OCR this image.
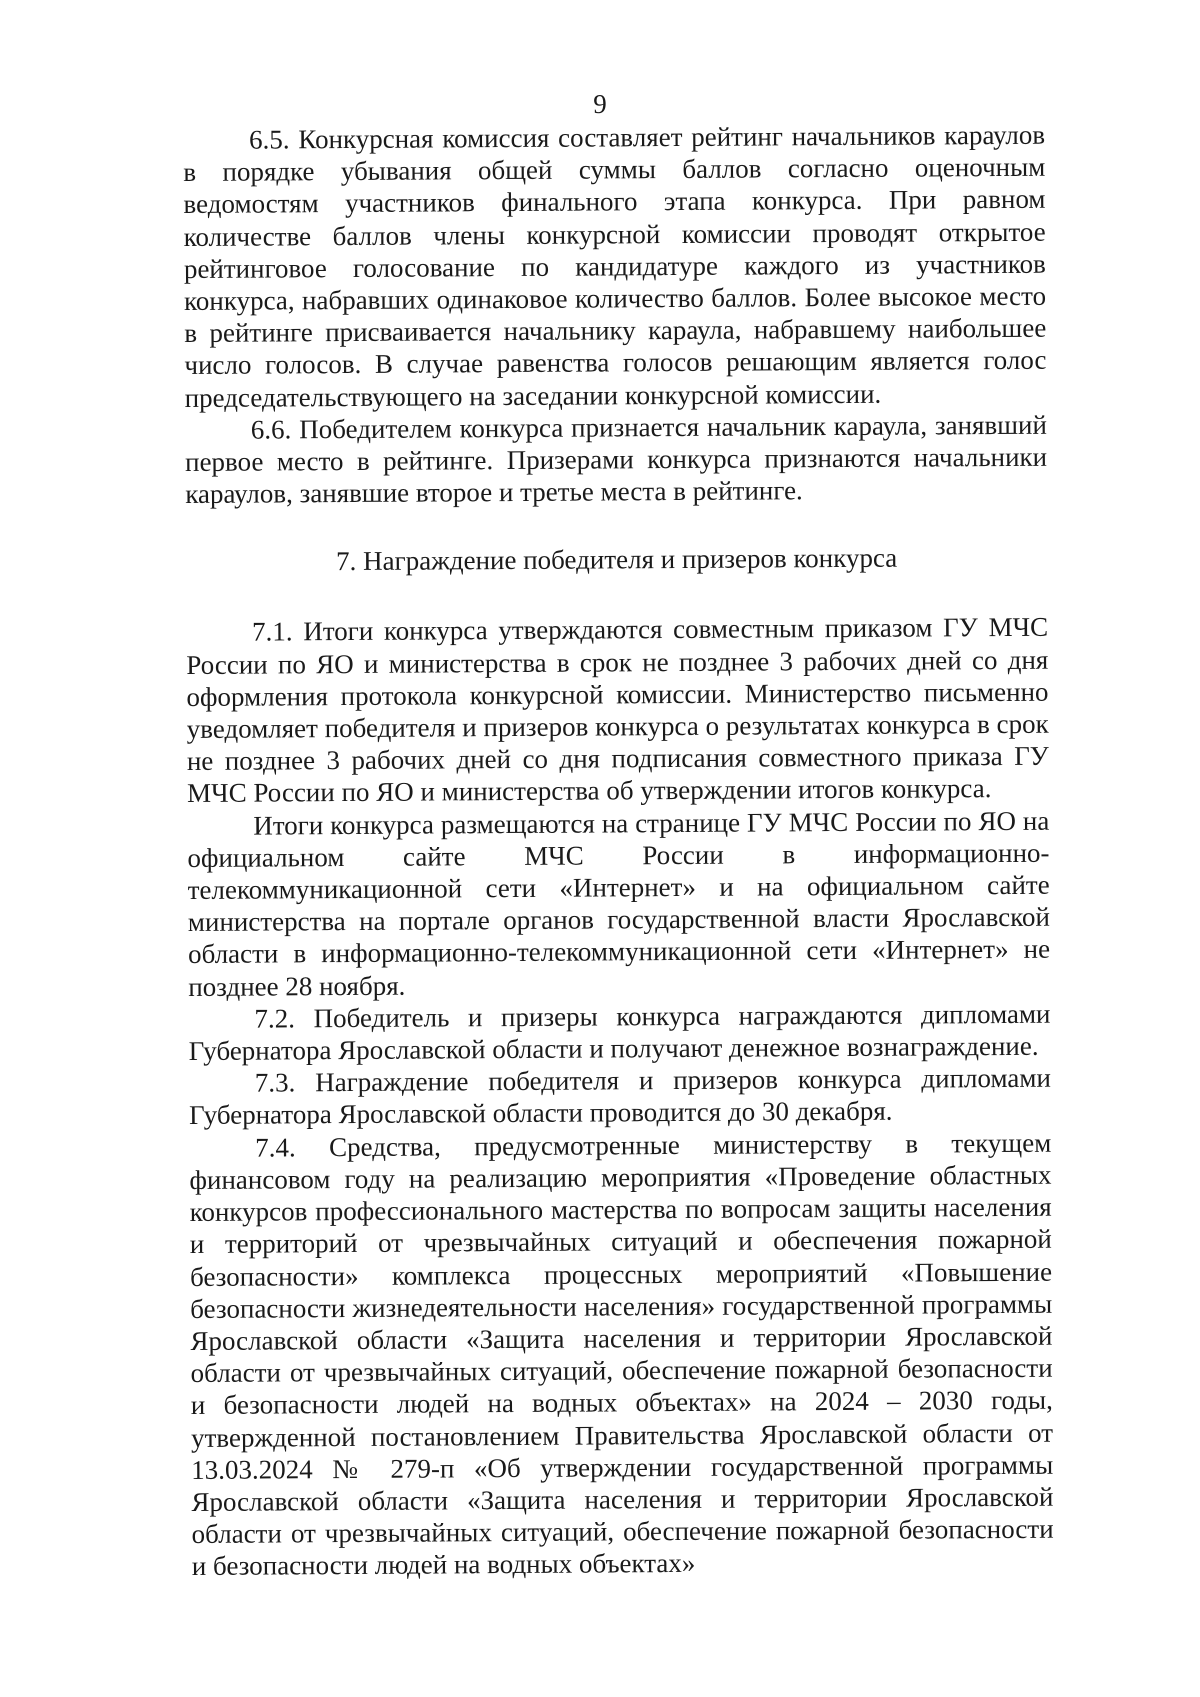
9

6.5. Конкурсная комиссия составляет рейтинг начальников караулов в порядке убывания общей суммы баллов согласно оценочным ведомостям участников финального этапа конкурса. При равном количестве баллов члены конкурсной комиссии проводят открытое рейтинговое голосование по кандидатуре каждого из участников конкурса, набравших одинаковое количество баллов. Более высокое место в рейтинге присваивается начальнику караула, набравшему наибольшее число голосов. В случае равенства голосов решающим является голос председательствующего на заседании конкурсной комиссии.

6.6. Победителем конкурса признается начальник караула, занявший первое место в рейтинге. Призерами конкурса признаются начальники караулов, занявшие второе и третье места в рейтинге.

7. Награждение победителя и призеров конкурса

7.1. Итоги конкурса утверждаются совместным приказом ГУ МЧС России по ЯО и министерства в срок не позднее 3 рабочих дней со дня оформления протокола конкурсной комиссии. Министерство письменно уведомляет победителя и призеров конкурса о результатах конкурса в срок не позднее 3 рабочих дней со дня подписания совместного приказа ГУ МЧС России по ЯО и министерства об утверждении итогов конкурса.

Итоги конкурса размещаются на странице ГУ МЧС России по ЯО на официальном сайте МЧС России в информационно-телекоммуникационной сети «Интернет» и на официальном сайте министерства на портале органов государственной власти Ярославской области в информационно-телекоммуникационной сети «Интернет» не позднее 28 ноября.

7.2. Победитель и призеры конкурса награждаются дипломами Губернатора Ярославской области и получают денежное вознаграждение.

7.3. Награждение победителя и призеров конкурса дипломами Губернатора Ярославской области проводится до 30 декабря.

7.4. Средства, предусмотренные министерству в текущем финансовом году на реализацию мероприятия «Проведение областных конкурсов профессионального мастерства по вопросам защиты населения и территорий от чрезвычайных ситуаций и обеспечения пожарной безопасности» комплекса процессных мероприятий «Повышение безопасности жизнедеятельности населения» государственной программы Ярославской области «Защита населения и территории Ярославской области от чрезвычайных ситуаций, обеспечение пожарной безопасности и безопасности людей на водных объектах» на 2024 – 2030 годы, утвержденной постановлением Правительства Ярославской области от 13.03.2024 № 279-п «Об утверждении государственной программы Ярославской области «Защита населения и территории Ярославской области от чрезвычайных ситуаций, обеспечение пожарной безопасности и безопасности людей на водных объектах»
